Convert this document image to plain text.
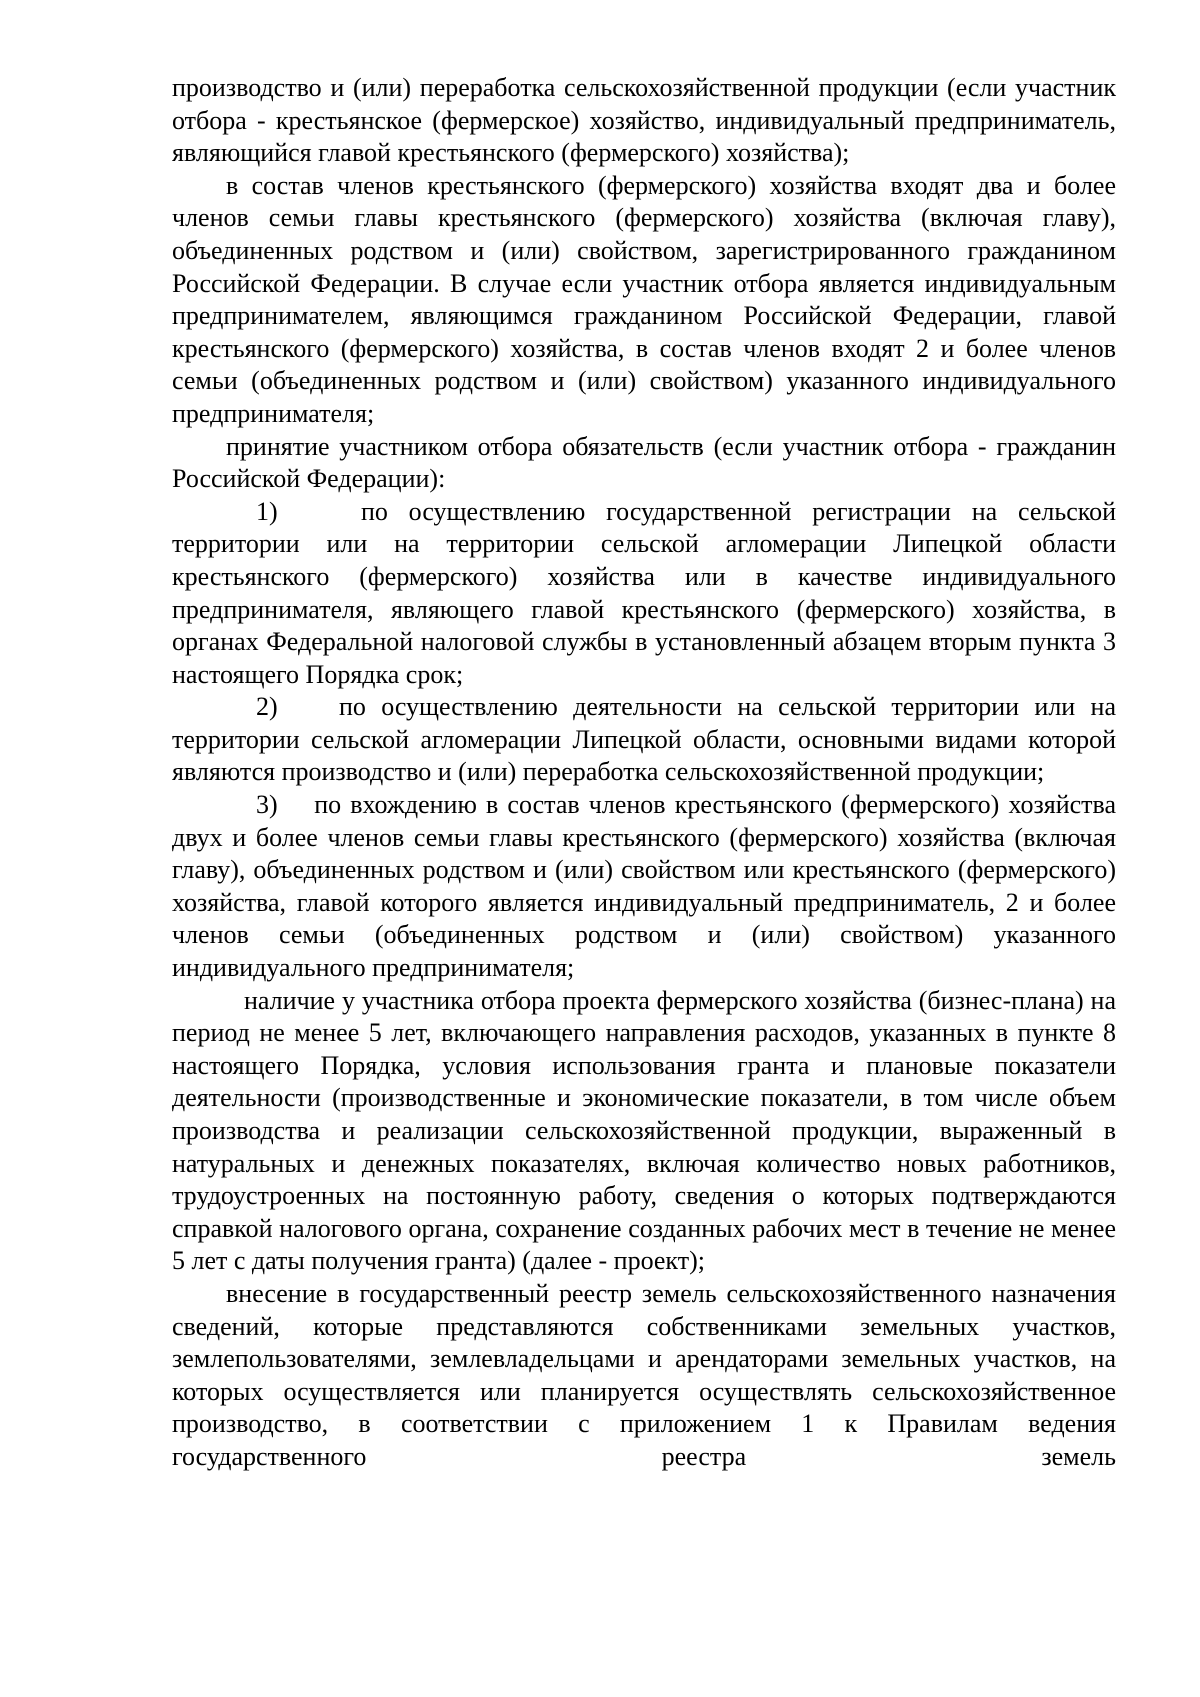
производство и (или) переработка сельскохозяйственной продукции (если участник отбора - крестьянское (фермерское) хозяйство, индивидуальный предприниматель, являющийся главой крестьянского (фермерского) хозяйства);

в состав членов крестьянского (фермерского) хозяйства входят два и более членов семьи главы крестьянского (фермерского) хозяйства (включая главу), объединенных родством и (или) свойством, зарегистрированного гражданином Российской Федерации. В случае если участник отбора является индивидуальным предпринимателем, являющимся гражданином Российской Федерации, главой крестьянского (фермерского) хозяйства, в состав членов входят 2 и более членов семьи (объединенных родством и (или) свойством) указанного индивидуального предпринимателя;

принятие участником отбора обязательств (если участник отбора - гражданин Российской Федерации):

1)    по осуществлению государственной регистрации на сельской территории или на территории сельской агломерации Липецкой области крестьянского (фермерского) хозяйства или в качестве индивидуального предпринимателя, являющего главой крестьянского (фермерского) хозяйства, в органах Федеральной налоговой службы в установленный абзацем вторым пункта 3 настоящего Порядка срок;

2)    по осуществлению деятельности на сельской территории или на территории сельской агломерации Липецкой области, основными видами которой являются производство и (или) переработка сельскохозяйственной продукции;

3)    по вхождению в состав членов крестьянского (фермерского) хозяйства двух и более членов семьи главы крестьянского (фермерского) хозяйства (включая главу), объединенных родством и (или) свойством или крестьянского (фермерского) хозяйства, главой которого является индивидуальный предприниматель, 2 и более членов семьи (объединенных родством и (или) свойством) указанного индивидуального предпринимателя;

наличие у участника отбора проекта фермерского хозяйства (бизнес-плана) на период не менее 5 лет, включающего направления расходов, указанных в пункте 8 настоящего Порядка, условия использования гранта и плановые показатели деятельности (производственные и экономические показатели, в том числе объем производства и реализации сельскохозяйственной продукции, выраженный в натуральных и денежных показателях, включая количество новых работников, трудоустроенных на постоянную работу, сведения о которых подтверждаются справкой налогового органа, сохранение созданных рабочих мест в течение не менее 5 лет с даты получения гранта) (далее - проект);

внесение в государственный реестр земель сельскохозяйственного назначения сведений, которые представляются собственниками земельных участков, землепользователями, землевладельцами и арендаторами земельных участков, на которых осуществляется или планируется осуществлять сельскохозяйственное производство, в соответствии с приложением 1 к Правилам ведения государственного реестра земель
